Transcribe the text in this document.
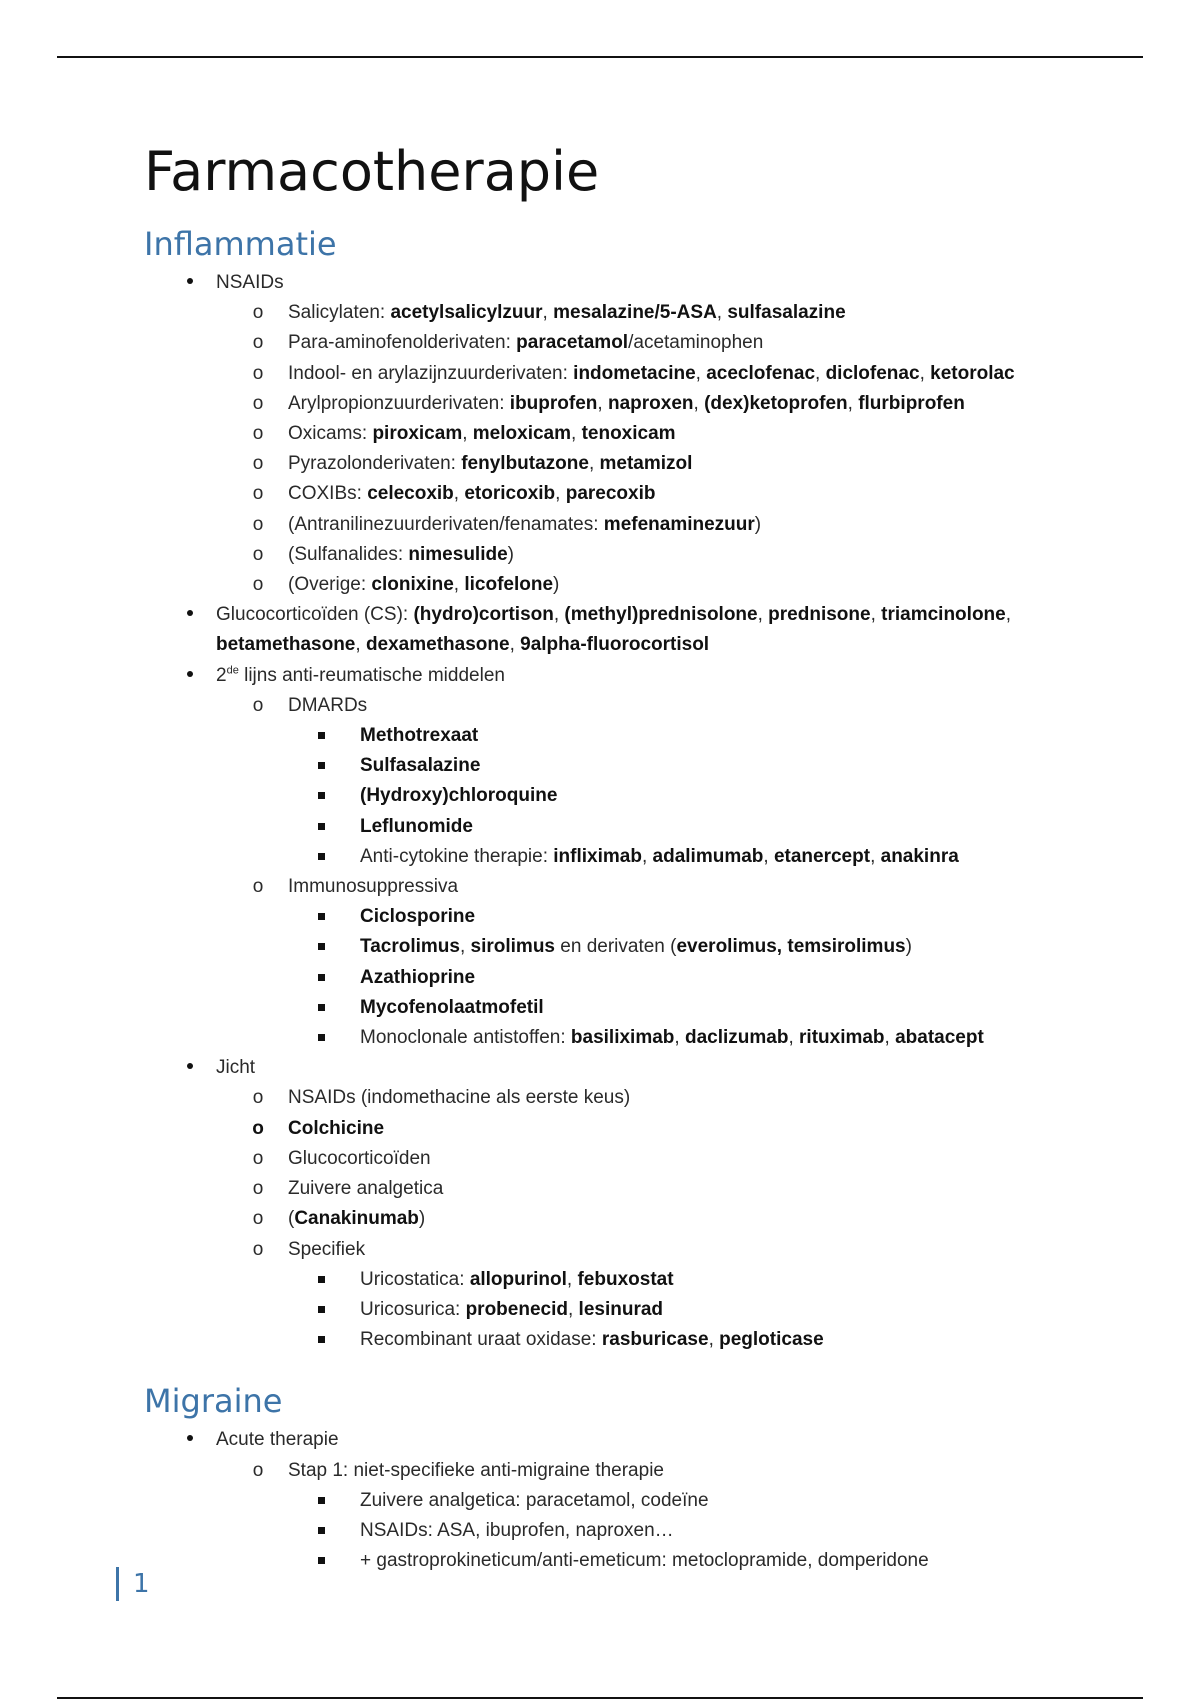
Farmacotherapie
Inflammatie
NSAIDs
o Salicylaten: acetylsalicylzuur, mesalazine/5-ASA, sulfasalazine
o Para-aminofenolderivaten: paracetamol/acetaminophen
o Indool- en arylazijnzuurderivaten: indometacine, aceclofenac, diclofenac, ketorolac
o Arylpropionzuurderivaten: ibuprofen, naproxen, (dex)ketoprofen, flurbiprofen
o Oxicams: piroxicam, meloxicam, tenoxicam
o Pyrazolonderivaten: fenylbutazone, metamizol
o COXIBs: celecoxib, etoricoxib, parecoxib
o (Antranilinezuurderivaten/fenamates: mefenaminezuur)
o (Sulfanalides: nimesulide)
o (Overige: clonixine, licofelone)
Glucocorticoïden (CS): (hydro)cortison, (methyl)prednisolone, prednisone, triamcinolone,
betamethasone, dexamethasone, 9alpha-fluorocortisol
2de lijns anti-reumatische middelen
o DMARDs
Methotrexaat
Sulfasalazine
(Hydroxy)chloroquine
Leflunomide
Anti-cytokine therapie: infliximab, adalimumab, etanercept, anakinra
o Immunosuppressiva
Ciclosporine
Tacrolimus, sirolimus en derivaten (everolimus, temsirolimus)
Azathioprine
Mycofenolaatmofetil
Monoclonale antistoffen: basiliximab, daclizumab, rituximab, abatacept
Jicht
o NSAIDs (indomethacine als eerste keus)
o Colchicine
o Glucocorticoïden
o Zuivere analgetica
o (Canakinumab)
o Specifiek
Uricostatica: allopurinol, febuxostat
Uricosurica: probenecid, lesinurad
Recombinant uraat oxidase: rasburicase, pegloticase
Migraine
Acute therapie
o Stap 1: niet-specifieke anti-migraine therapie
Zuivere analgetica: paracetamol, codeïne
NSAIDs: ASA, ibuprofen, naproxen…
+ gastroprokineticum/anti-emeticum: metoclopramide, domperidone
1
